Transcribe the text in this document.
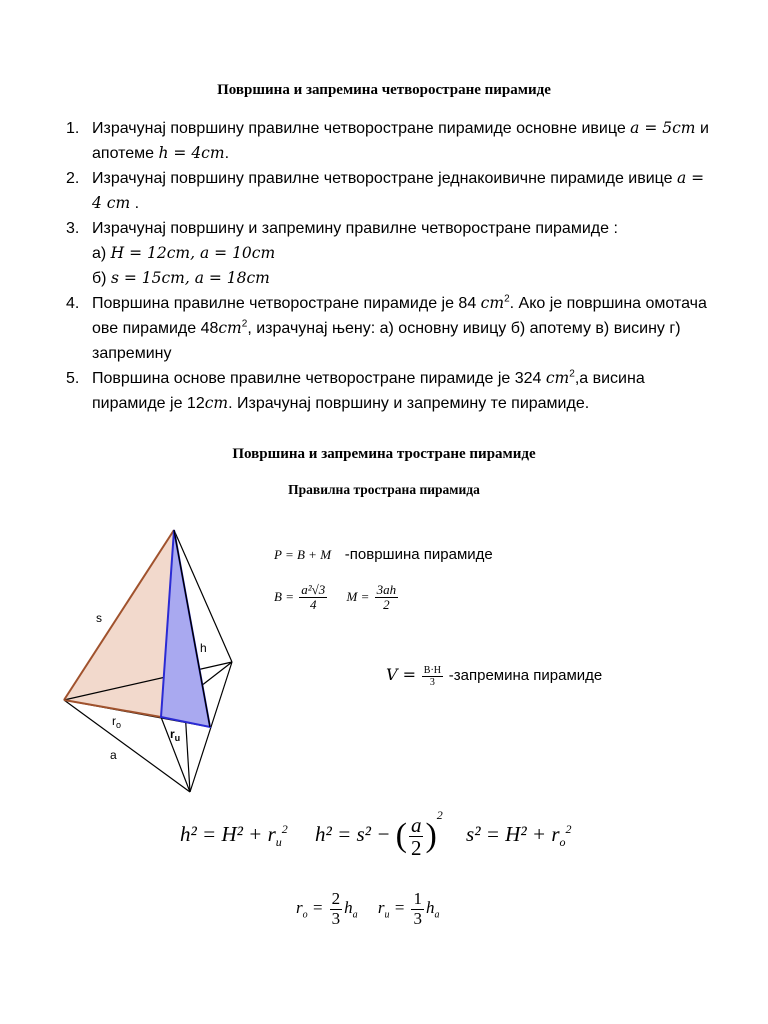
Површина и запремина четворостране пирамиде
1. Израчунај површину правилне четворостране пирамиде основне ивице a = 5cm и
апотеме h = 4cm.
2. Израчунај површину правилне четворостране једнакоивичне пирамиде ивице a =
4 cm .
3. Израчунај површину и запремину правилне четворостране пирамиде :
а) H = 12cm, a = 10cm
б) s = 15cm, a = 18cm
4. Површина правилне четворостране пирамиде је 84 $cm^2$. Ако је површина омотача
ове пирамиде $48cm^2$, израчунај њену: а) основну ивицу б) апотему в) висину г)
запремину
5. Површина основе правилне четворостране пирамиде је 324 $cm^2,а$ висина
пирамиде је 12cm. Израчунај површину и запремину те пирамиде.
Површина и запремина тростране пирамиде
Правилна тространа пирамида
s
h
$r_o$
$r_u$
a
P = B + M -површина пирамиде
$B = \frac{\text{a²√3}}{4}$ $M = \frac{3ah}{2}$
$V = \frac{B\cdot H}{3}$ -запремина пирамиде
$h^2 = H^2 + r_u^2$ h² = s² − ( $\frac{a}{2} )^2$ $s^2 = H^2 + r_o^2$
$r_o = \frac{2}{3} h_a$ $r_u = \frac{1}{3} h_a$
